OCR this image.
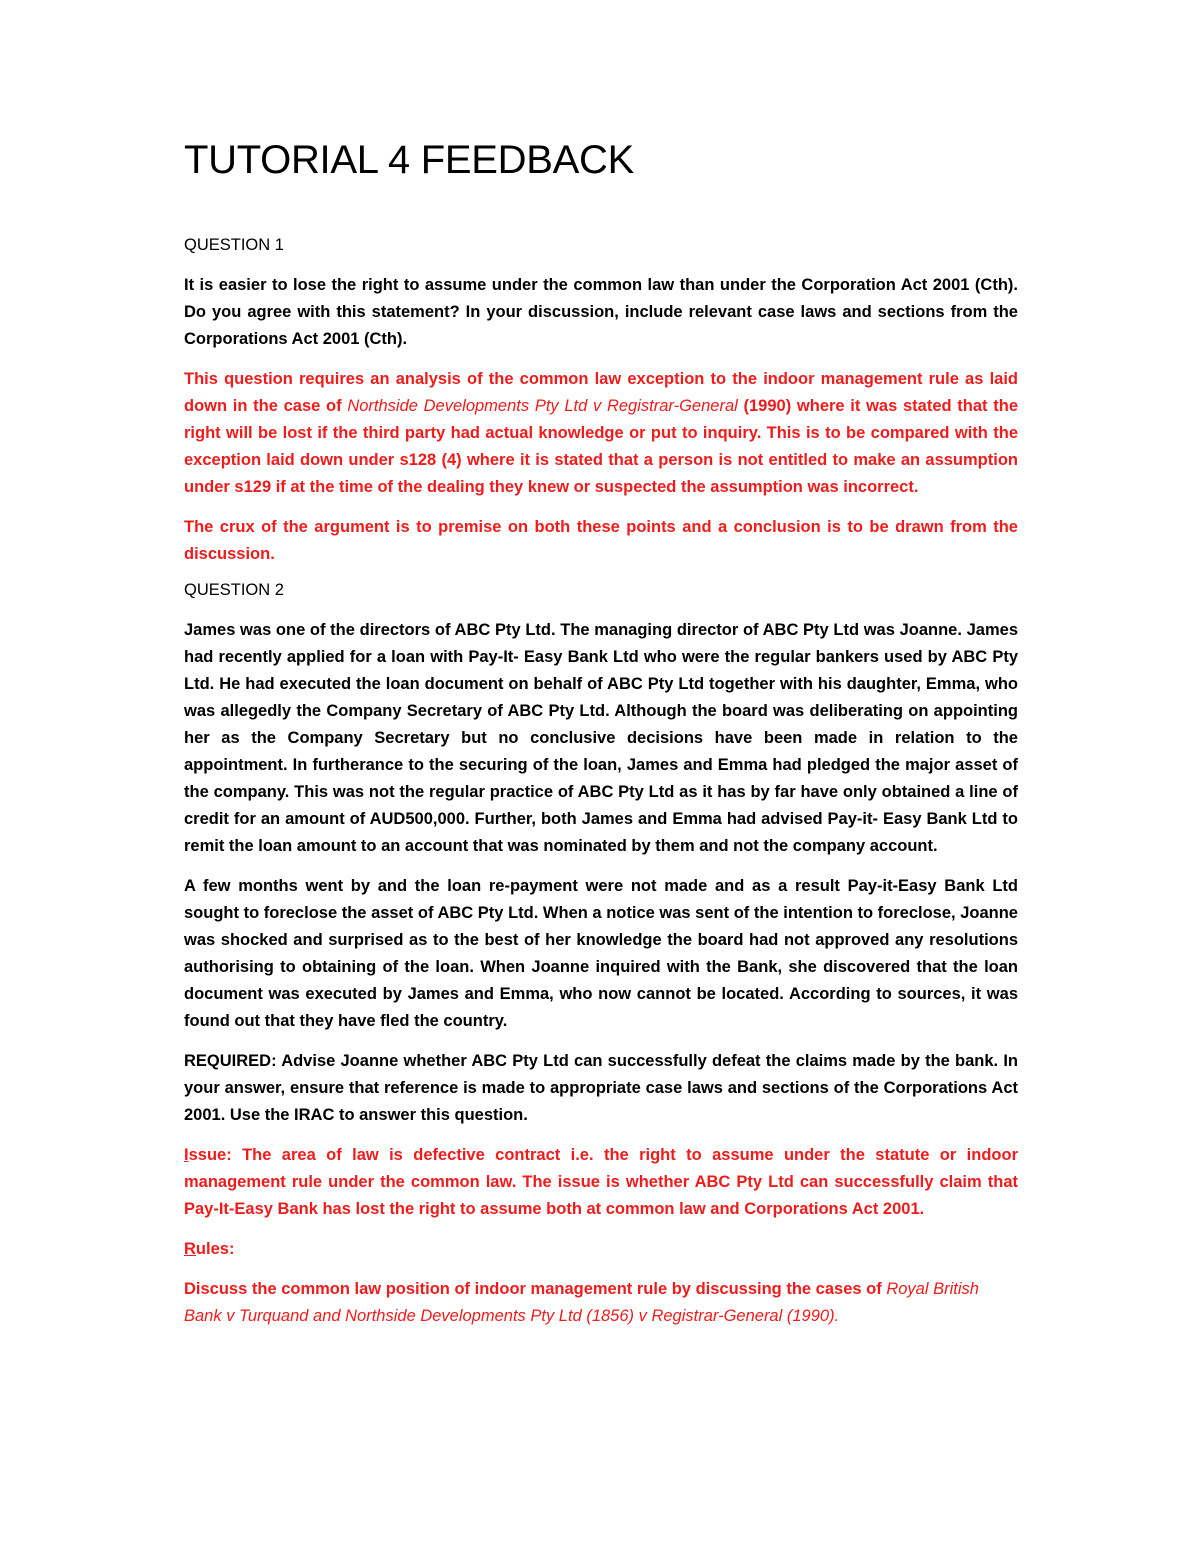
TUTORIAL 4 FEEDBACK
QUESTION 1

It is easier to lose the right to assume under the common law than under the Corporation Act 2001 (Cth). Do you agree with this statement? In your discussion, include relevant case laws and sections from the Corporations Act 2001 (Cth).

This question requires an analysis of the common law exception to the indoor management rule as laid down in the case of Northside Developments Pty Ltd v Registrar-General (1990) where it was stated that the right will be lost if the third party had actual knowledge or put to inquiry. This is to be compared with the exception laid down under s128 (4) where it is stated that a person is not entitled to make an assumption under s129 if at the time of the dealing they knew or suspected the assumption was incorrect.

The crux of the argument is to premise on both these points and a conclusion is to be drawn from the discussion.

QUESTION 2

James was one of the directors of ABC Pty Ltd. The managing director of ABC Pty Ltd was Joanne. James had recently applied for a loan with Pay-It- Easy Bank Ltd who were the regular bankers used by ABC Pty Ltd. He had executed the loan document on behalf of ABC Pty Ltd together with his daughter, Emma, who was allegedly the Company Secretary of ABC Pty Ltd. Although the board was deliberating on appointing her as the Company Secretary but no conclusive decisions have been made in relation to the appointment. In furtherance to the securing of the loan, James and Emma had pledged the major asset of the company. This was not the regular practice of ABC Pty Ltd as it has by far have only obtained a line of credit for an amount of AUD500,000. Further, both James and Emma had advised Pay-it- Easy Bank Ltd to remit the loan amount to an account that was nominated by them and not the company account.

A few months went by and the loan re-payment were not made and as a result Pay-it-Easy Bank Ltd sought to foreclose the asset of ABC Pty Ltd. When a notice was sent of the intention to foreclose, Joanne was shocked and surprised as to the best of her knowledge the board had not approved any resolutions authorising to obtaining of the loan. When Joanne inquired with the Bank, she discovered that the loan document was executed by James and Emma, who now cannot be located. According to sources, it was found out that they have fled the country.

REQUIRED: Advise Joanne whether ABC Pty Ltd can successfully defeat the claims made by the bank. In your answer, ensure that reference is made to appropriate case laws and sections of the Corporations Act 2001. Use the IRAC to answer this question.

Issue: The area of law is defective contract i.e. the right to assume under the statute or indoor management rule under the common law. The issue is whether ABC Pty Ltd can successfully claim that Pay-It-Easy Bank has lost the right to assume both at common law and Corporations Act 2001.

Rules:

Discuss the common law position of indoor management rule by discussing the cases of Royal British Bank v Turquand and Northside Developments Pty Ltd (1856) v Registrar-General (1990).
